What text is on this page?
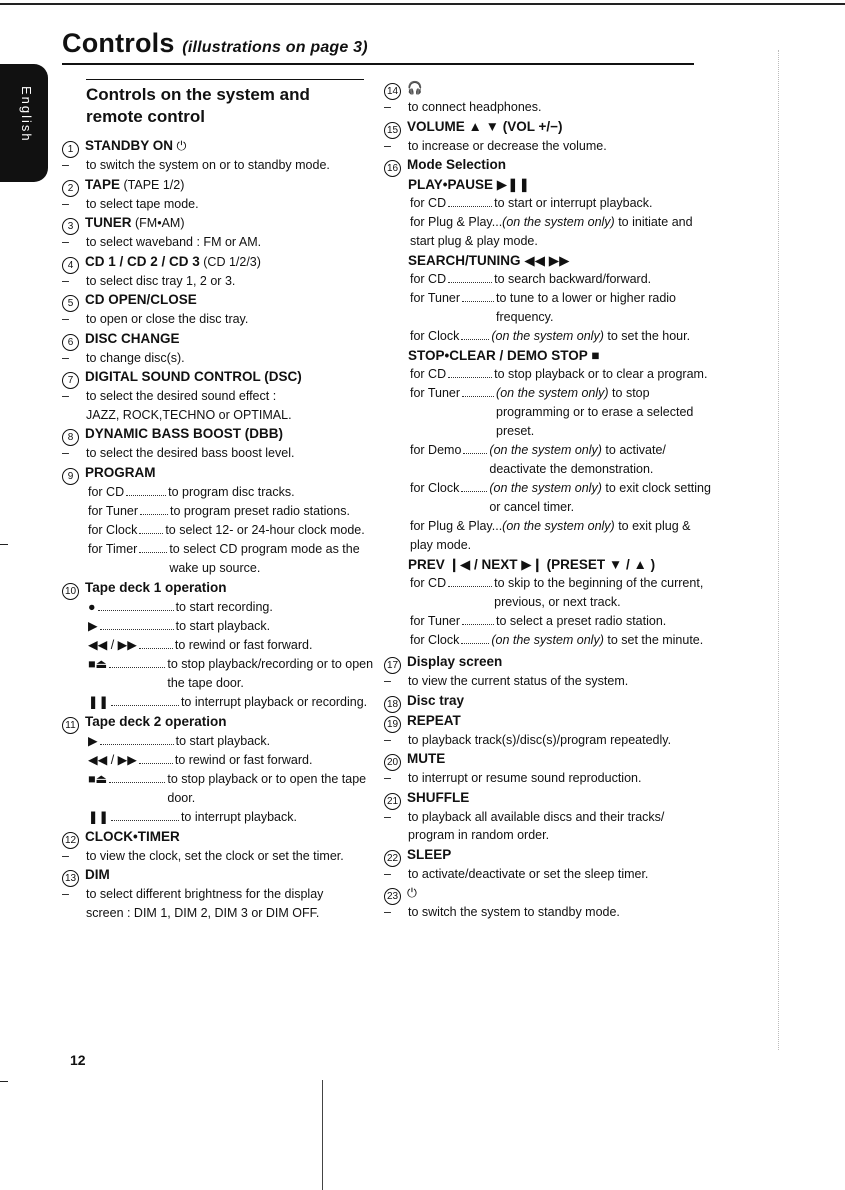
Controls (illustrations on page 3)
English	Controls on the system and
remote control
1 STANDBY ON ⏻
– to switch the system on or to standby mode.
2 TAPE (TAPE 1/2)
– to select tape mode.
3 TUNER (FM•AM)
– to select waveband : FM or AM.
4 CD 1 / CD 2 / CD 3 (CD 1/2/3)
– to select disc tray 1, 2 or 3.
5 CD OPEN/CLOSE
– to open or close the disc tray.
6 DISC CHANGE
– to change disc(s).
7 DIGITAL SOUND CONTROL (DSC)
– to select the desired sound effect :
JAZZ, ROCK,TECHNO or OPTIMAL.
8 DYNAMIC BASS BOOST (DBB)
– to select the desired bass boost level.
9 PROGRAM
for CD	to program disc tracks.
for Tuner	to program preset radio stations.
for Clock to select 12- or 24-hour clock mode.
for Timer	to select CD program mode as the wake up source.
10 Tape deck 1 operation
●	to start recording.
▶	to start playback.
◀◀ / ▶▶	to rewind or fast forward.
■⏏	to stop playback/recording or to open the tape door.
❚❚	to interrupt playback or recording.
11 Tape deck 2 operation
▶	to start playback.
◀◀ / ▶▶	to rewind or fast forward.
■⏏	to stop playback or to open the tape door.
❚❚	to interrupt playback.
12 CLOCK•TIMER
– to view the clock, set the clock or set the timer.
13 DIM
– to select different brightness for the display screen : DIM 1, DIM 2, DIM 3 or DIM OFF.
14 🎧
– to connect headphones.
15 VOLUME ▲ ▼ (VOL +/−)
– to increase or decrease the volume.
16 Mode Selection
PLAY•PAUSE ▶❚❚
for CD	to start or interrupt playback.
for Plug & Play...(on the system only) to initiate and start plug & play mode.
SEARCH/TUNING ◀◀ ▶▶
for CD	to search backward/forward.
for Tuner	to tune to a lower or higher radio frequency.
for Clock	(on the system only) to set the hour.
STOP•CLEAR / DEMO STOP ■
for CD	to stop playback or to clear a program.
for Tuner	(on the system only) to stop programming or to erase a selected preset.
for Demo (on the system only) to activate/ deactivate the demonstration.
for Clock (on the system only) to exit clock setting or cancel timer.
for Plug & Play...(on the system only) to exit plug & play mode.
PREV ❙◀ / NEXT ▶❙ (PRESET ▼ / ▲ )
for CD	to skip to the beginning of the current, previous, or next track.
for Tuner	to select a preset radio station.
for Clock	(on the system only) to set the minute.
17 Display screen
– to view the current status of the system.
18 Disc tray
19 REPEAT
– to playback track(s)/disc(s)/program repeatedly.
20 MUTE
– to interrupt or resume sound reproduction.
21 SHUFFLE
– to playback all available discs and their tracks/ program in random order.
22 SLEEP
– to activate/deactivate or set the sleep timer.
23 ⏻
– to switch the system to standby mode.
12
